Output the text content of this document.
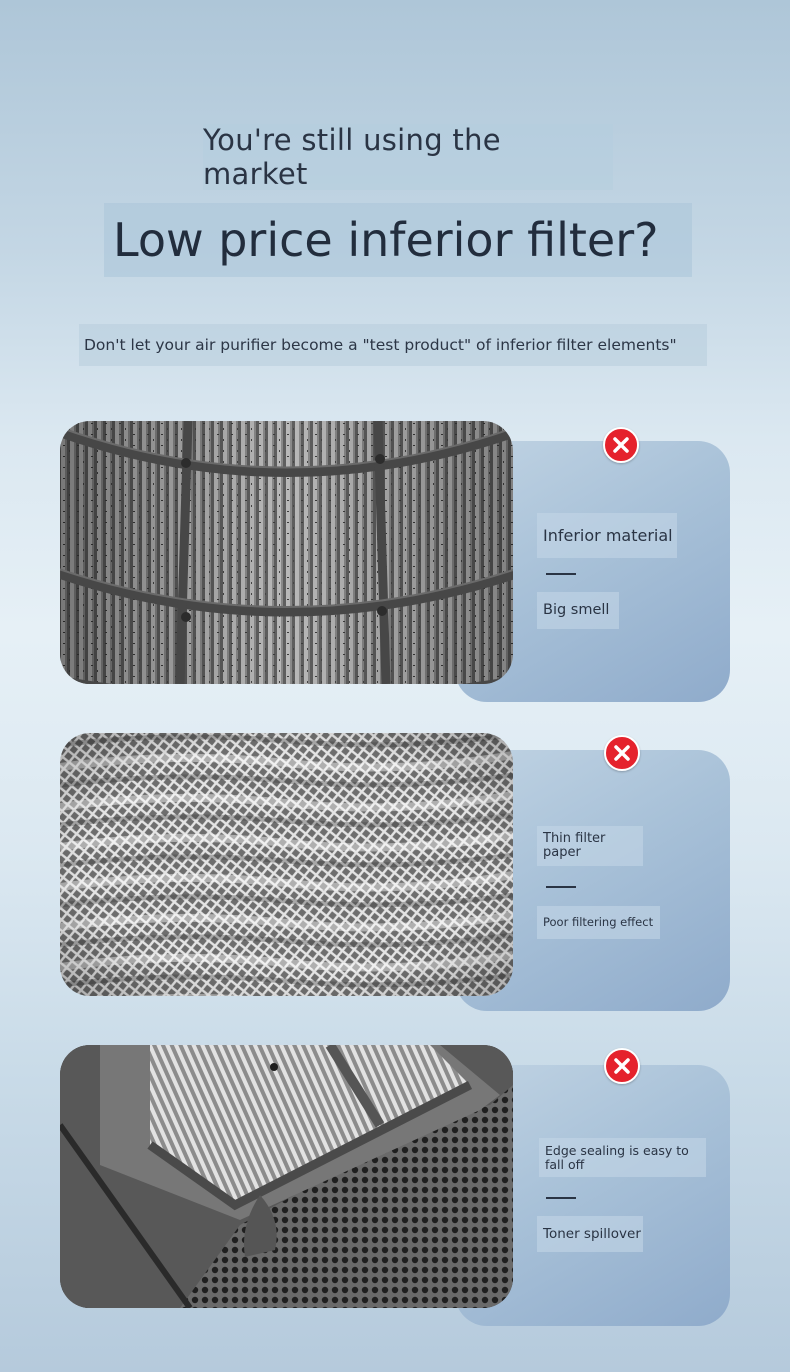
You're still using the market
Low price inferior filter?
Don't let your air purifier become a "test product" of inferior filter elements"
Inferior material
Big smell
Thin filter paper
Poor filtering effect
Edge sealing is easy to fall off
Toner spillover
